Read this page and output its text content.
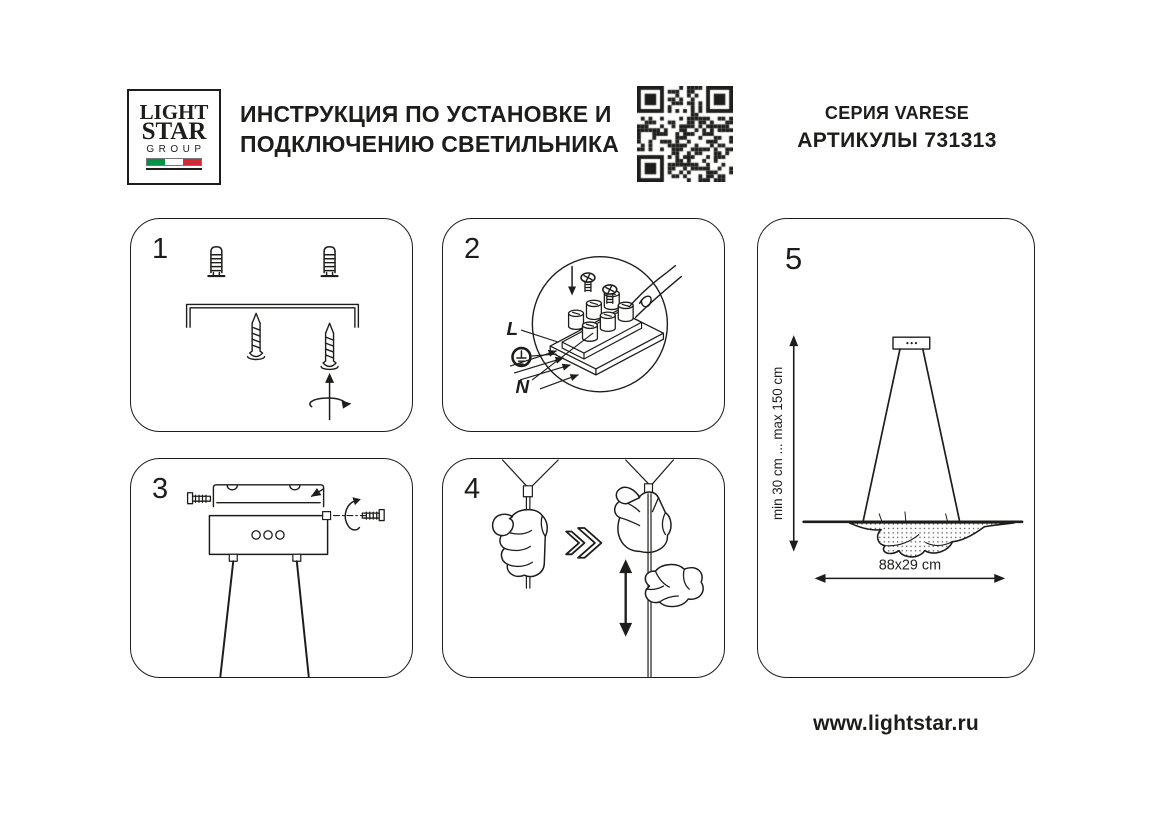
LIGHT
STAR
GROUP
ИНСТРУКЦИЯ ПО УСТАНОВКЕ И
ПОДКЛЮЧЕНИЮ СВЕТИЛЬНИКА
СЕРИЯ VARESE
АРТИКУЛЫ 731313
1	2
L
N
3	4
5
min 30 cm ... max 150 cm
88x29 cm
www.lightstar.ru
